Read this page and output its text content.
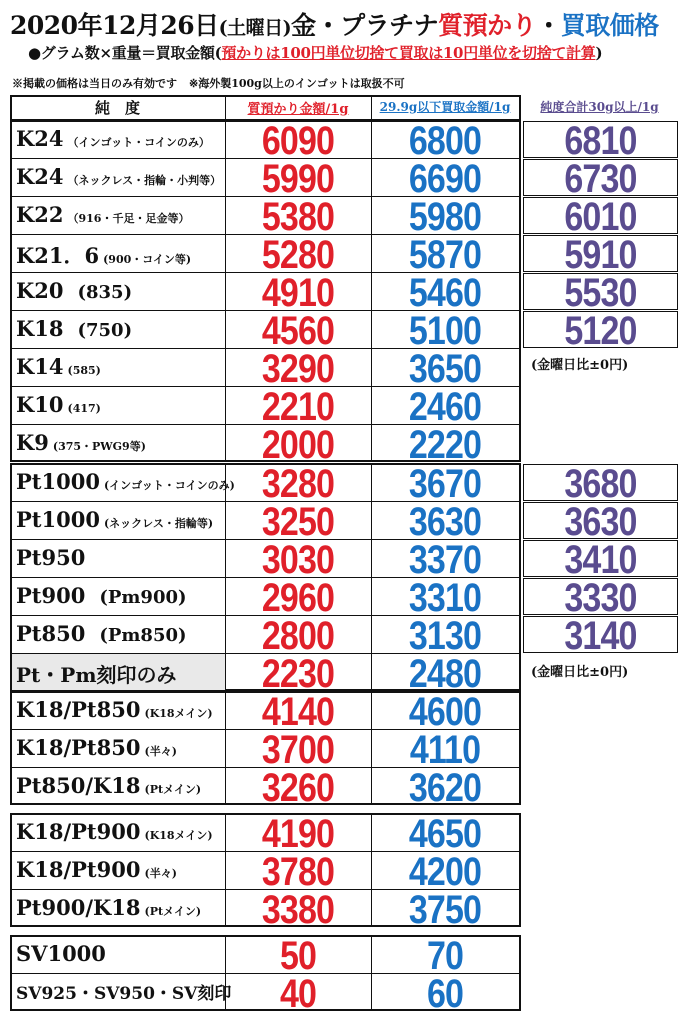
2020年12月26日(土曜日)金・プラチナ質預かり・買取価格
●グラム数×重量＝買取金額(預かりは100円単位切捨て買取は10円単位を切捨て計算)
※掲載の価格は当日のみ有効です ※海外製100g以上のインゴットは取扱不可
純　度	質預かり金額/1g	29.9g以下買取金額/1g	純度合計30g以上/1g
K24 （インゴット・コインのみ）	6090	6800	6810
K24 （ネックレス・指輪・小判等）	5990	6690	6730
K22 （916・千足・足金等）	5380	5980	6010
K21．6 (900・コイン等)	5280	5870	5910
K20 (835)	4910	5460	5530
K18 (750)	4560	5100	5120
K14 (585)	3290	3650
K10 (417)	2210	2460
K9 (375・PWG9等)	2000	2220
Pt1000 (インゴット・コインのみ) 3280	3670	3680
Pt1000 (ネックレス・指輪等)	3250	3630	3630
Pt950	3030	3370	3410
Pt900 (Pm900)	2960	3310	3330
Pt850 (Pm850)	2800	3130	3140
Pt・Pm刻印のみ	2230	2480
K18/Pt850 (K18メイン)	4140	4600
K18/Pt850 (半々)	3700	4110
Pt850/K18 (Ptメイン)	3260	3620
K18/Pt900 (K18メイン)	4190	4650
K18/Pt900 (半々)	3780	4200
Pt900/K18 (Ptメイン)	3380	3750
SV1000	50	70
SV925・SV950・SV刻印	40	60
(金曜日比±0円)
(金曜日比±0円)
